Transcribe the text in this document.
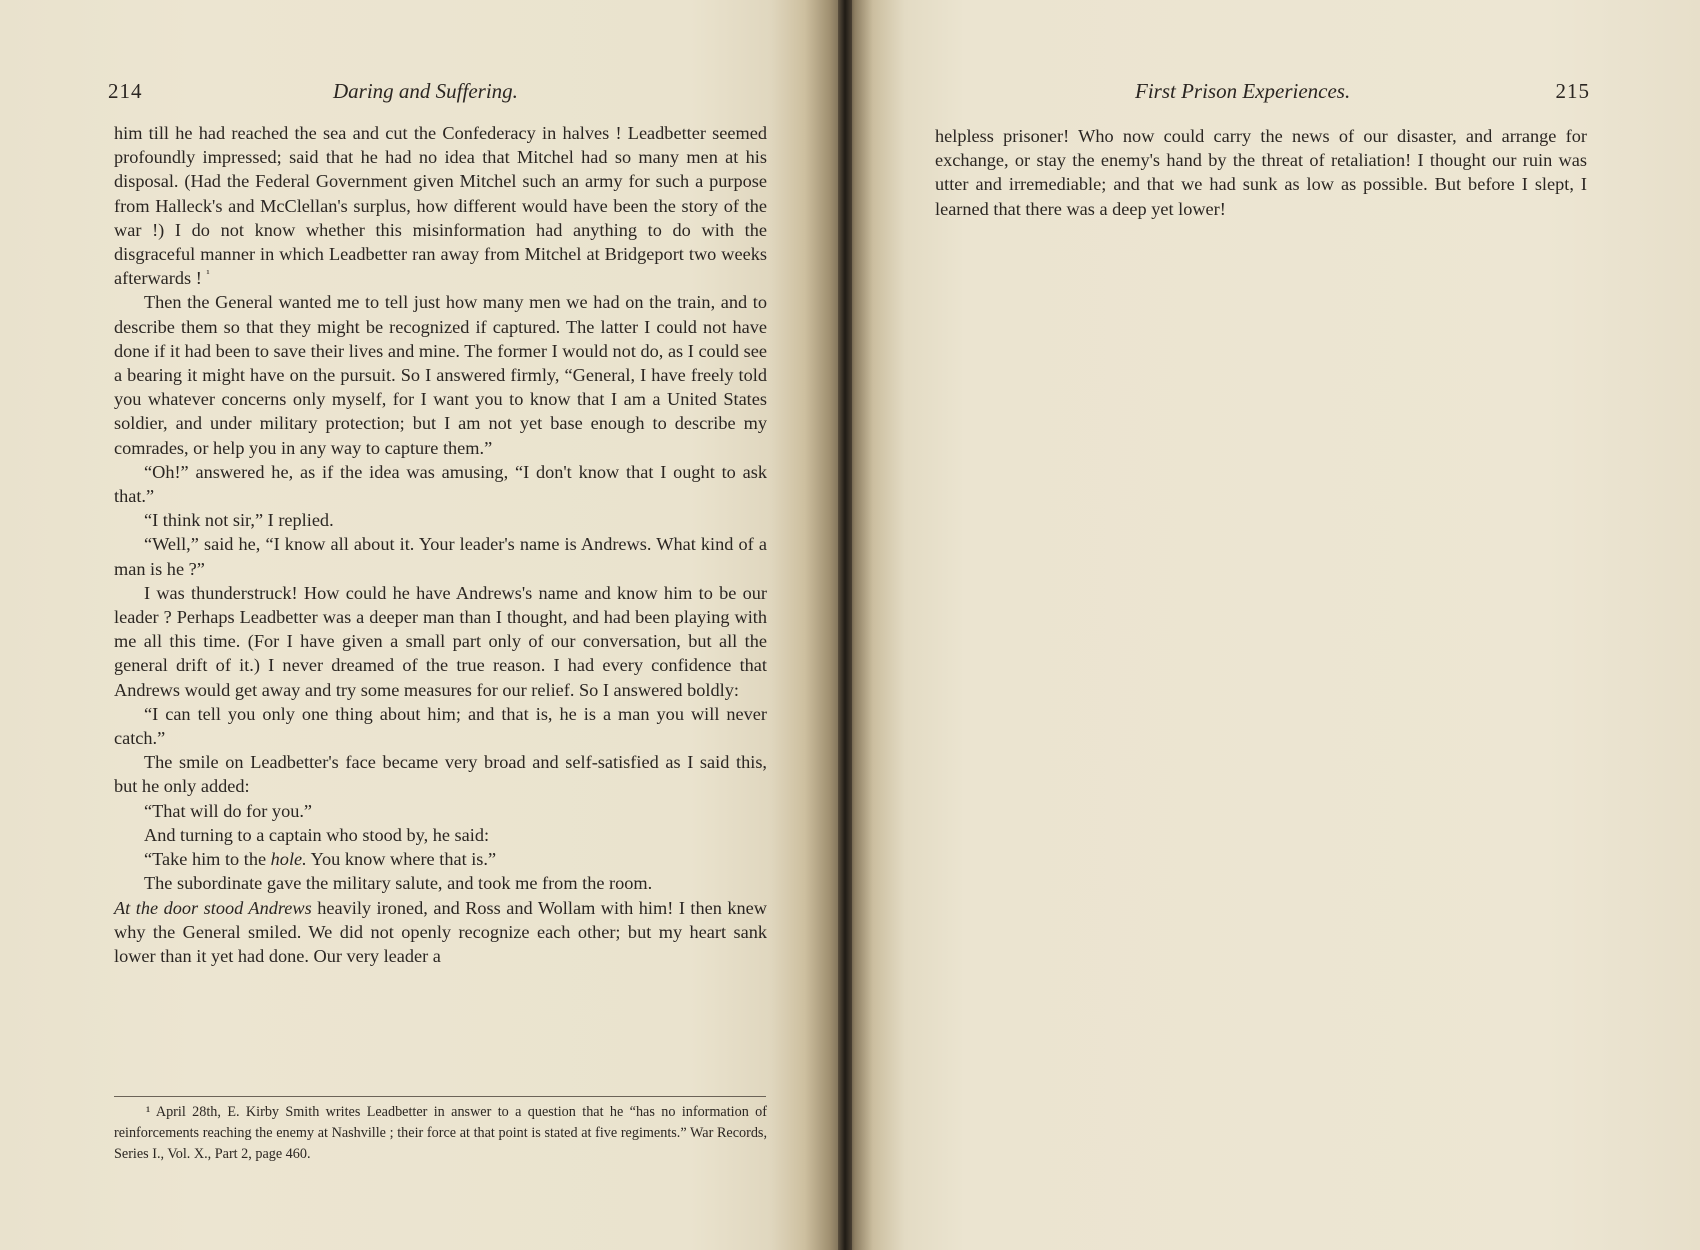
214	Daring and Suffering.

him till he had reached the sea and cut the Confederacy in halves ! Leadbetter seemed profoundly impressed; said that he had no idea that Mitchel had so many men at his disposal. (Had the Federal Government given Mitchel such an army for such a purpose from Halleck's and McClellan's surplus, how different would have been the story of the war !) I do not know whether this misinformation had anything to do with the disgraceful manner in which Leadbetter ran away from Mitchel at Bridgeport two weeks afterwards ! $^{^1}$

Then the General wanted me to tell just how many men we had on the train, and to describe them so that they might be recognized if captured. The latter I could not have done if it had been to save their lives and mine. The former I would not do, as I could see a bearing it might have on the pursuit. So I answered firmly, “General, I have freely told you whatever concerns only myself, for I want you to know that I am a United States soldier, and under military protection; but I am not yet base enough to describe my comrades, or help you in any way to capture them.”

“Oh!” answered he, as if the idea was amusing, “I don't know that I ought to ask that.”

“I think not sir,” I replied.

“Well,” said he, “I know all about it. Your leader's name is Andrews. What kind of a man is he ?”

I was thunderstruck! How could he have Andrews's name and know him to be our leader ? Perhaps Leadbetter was a deeper man than I thought, and had been playing with me all this time. (For I have given a small part only of our conversation, but all the general drift of it.) I never dreamed of the true reason. I had every confidence that Andrews would get away and try some measures for our relief. So I answered boldly:

“I can tell you only one thing about him; and that is, he is a man you will never catch.”

The smile on Leadbetter's face became very broad and self-satisfied as I said this, but he only added:

“That will do for you.”

And turning to a captain who stood by, he said:

“Take him to the hole. You know where that is.”

The subordinate gave the military salute, and took me from the room.

At the door stood Andrews heavily ironed, and Ross and Wollam with him! I then knew why the General smiled. We did not openly recognize each other; but my heart sank lower than it yet had done. Our very leader a

¹ April 28th, E. Kirby Smith writes Leadbetter in answer to a question that he “has no information of reinforcements reaching the enemy at Nashville ; their force at that point is stated at five regiments.” War Records, Series I., Vol. X., Part 2, page 460.

First Prison Experiences.	215

helpless prisoner! Who now could carry the news of our disaster, and arrange for exchange, or stay the enemy's hand by the threat of retaliation! I thought our ruin was utter and irremediable; and that we had sunk as low as possible. But before I slept, I learned that there was a deep yet lower!
